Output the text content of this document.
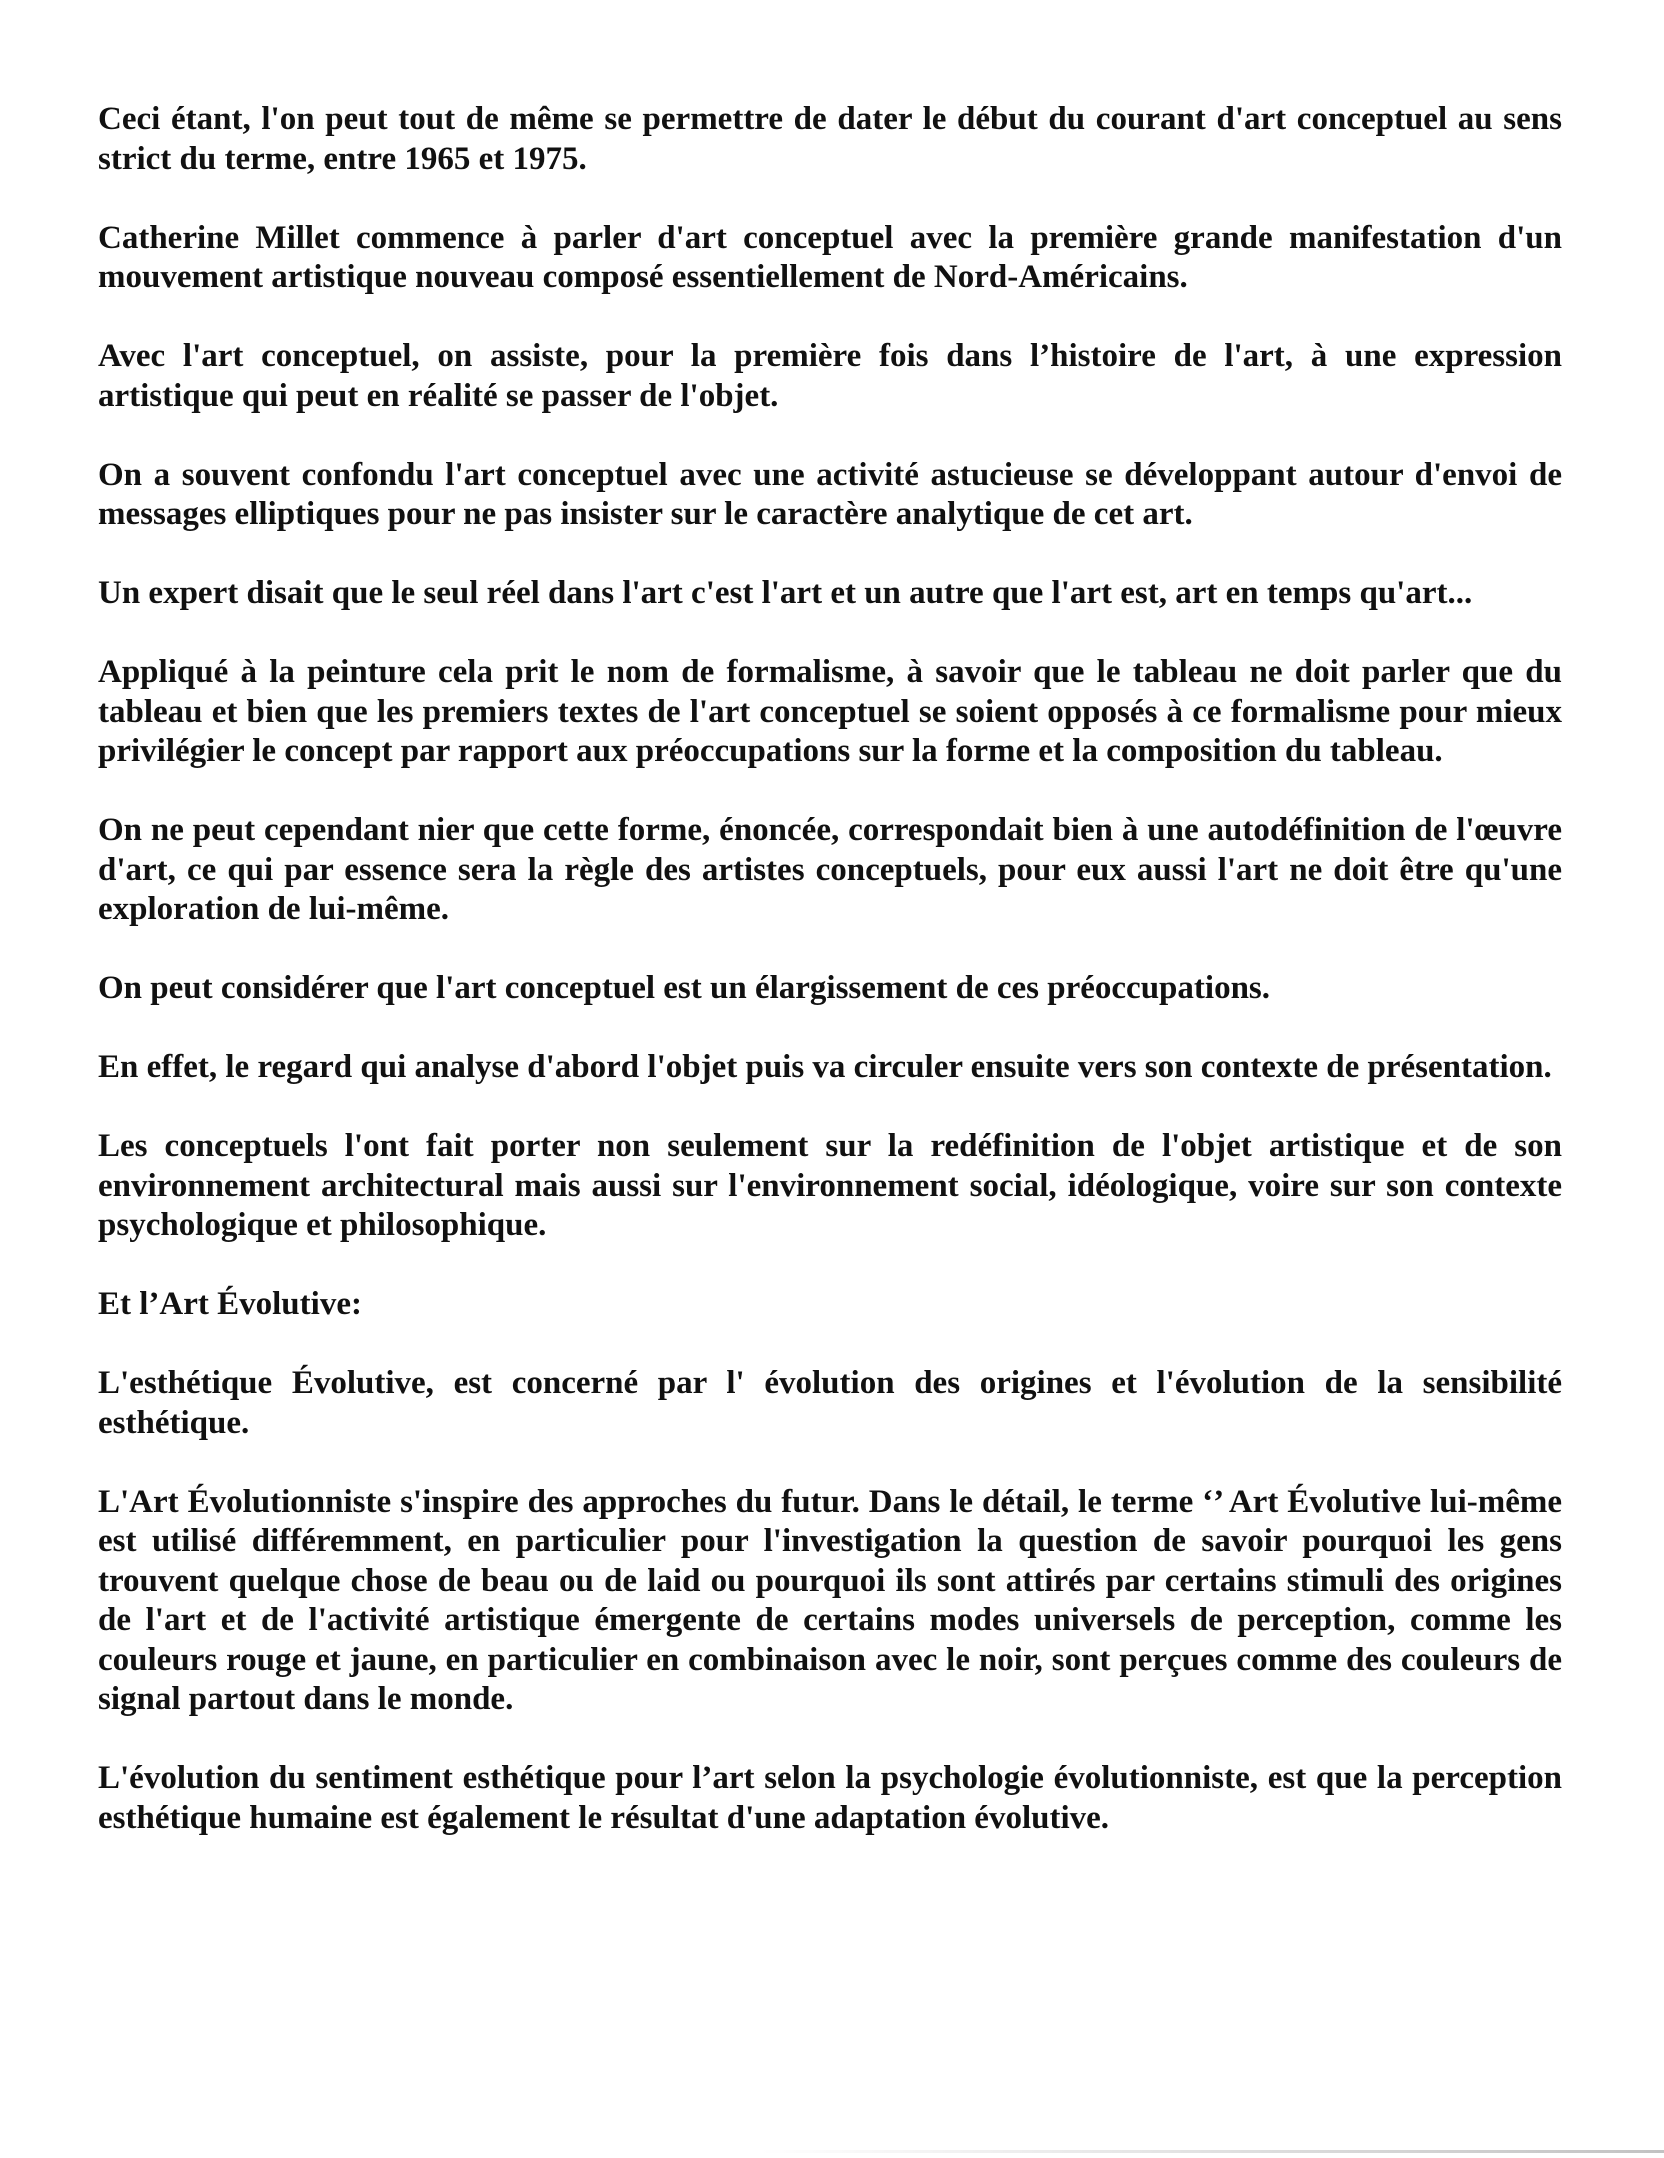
Ceci étant, l'on peut tout de même se permettre de dater le début du courant d'art conceptuel au sens strict du terme, entre 1965 et 1975.

Catherine Millet commence à parler d'art conceptuel avec la première grande manifestation d'un mouvement artistique nouveau composé essentiellement de Nord-Américains.

Avec l'art conceptuel, on assiste, pour la première fois dans l’histoire de l'art, à une expression artistique qui peut en réalité se passer de l'objet.

On a souvent confondu l'art conceptuel avec une activité astucieuse se développant autour d'envoi de messages elliptiques pour ne pas insister sur le caractère analytique de cet art.

Un expert disait que le seul réel dans l'art c'est l'art et un autre que l'art est, art en temps qu'art...

Appliqué à la peinture cela prit le nom de formalisme, à savoir que le tableau ne doit parler que du tableau et bien que les premiers textes de l'art conceptuel se soient opposés à ce formalisme pour mieux privilégier le concept par rapport aux préoccupations sur la forme et la composition du tableau.

On ne peut cependant nier que cette forme, énoncée, correspondait bien à une autodéfinition de l'œuvre d'art, ce qui par essence sera la règle des artistes conceptuels, pour eux aussi l'art ne doit être qu'une exploration de lui-même.

On peut considérer que l'art conceptuel est un élargissement de ces préoccupations.

En effet, le regard qui analyse d'abord l'objet puis va circuler ensuite vers son contexte de présentation.

Les conceptuels l'ont fait porter non seulement sur la redéfinition de l'objet artistique et de son environnement architectural mais aussi sur l'environnement social, idéologique, voire sur son contexte psychologique et philosophique.

Et l’Art Évolutive:

L'esthétique Évolutive, est concerné par l' évolution des origines et l'évolution de la sensibilité esthétique.

L'Art Évolutionniste s'inspire des approches du futur. Dans le détail, le terme ‘’ Art Évolutive lui-même est utilisé différemment, en particulier pour l'investigation la question de savoir pourquoi les gens trouvent quelque chose de beau ou de laid ou pourquoi ils sont attirés par certains stimuli des origines de l'art et de l'activité artistique émergente de certains modes universels de perception, comme les couleurs rouge et jaune, en particulier en combinaison avec le noir, sont perçues comme des couleurs de signal partout dans le monde.

L'évolution du sentiment esthétique pour l’art selon la psychologie évolutionniste, est que la perception esthétique humaine est également le résultat d'une adaptation évolutive.
